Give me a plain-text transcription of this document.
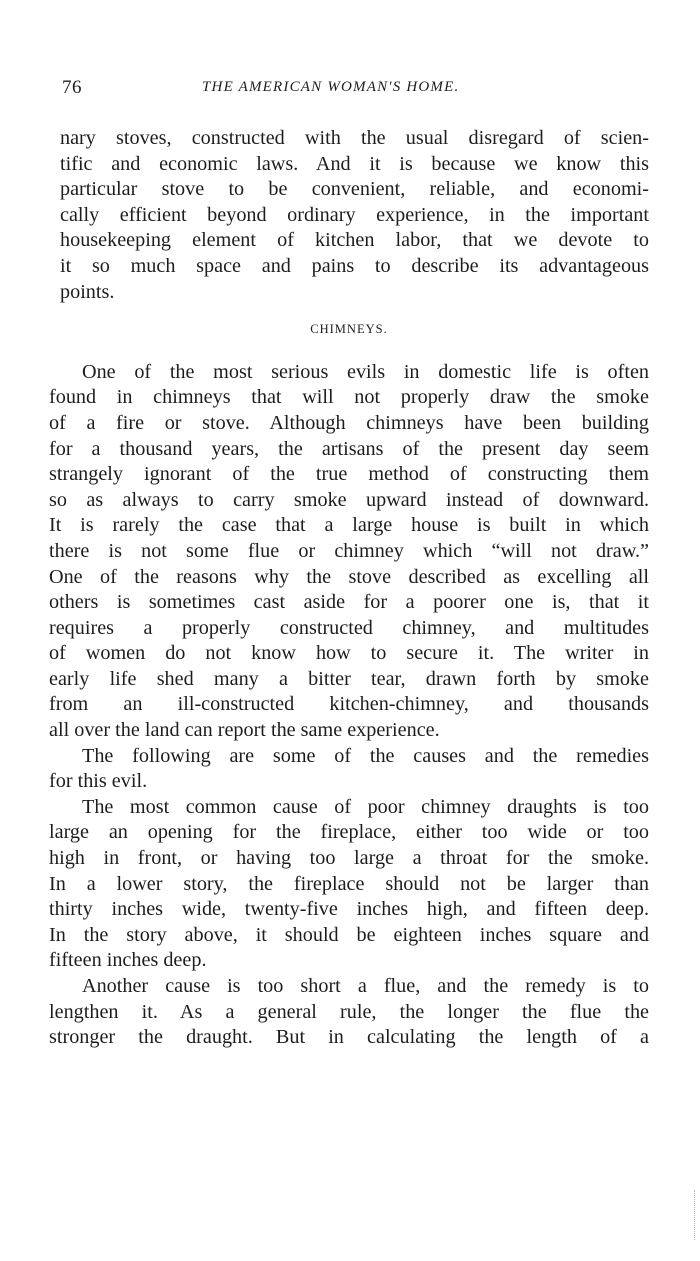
76	THE AMERICAN WOMAN'S HOME.

nary stoves, constructed with the usual disregard of scien-

tific and economic laws. And it is because we know this

particular stove to be convenient, reliable, and economi-

cally efficient beyond ordinary experience, in the important

housekeeping element of kitchen labor, that we devote to

it so much space and pains to describe its advantageous

points.

CHIMNEYS.

One of the most serious evils in domestic life is often

found in chimneys that will not properly draw the smoke

of a fire or stove. Although chimneys have been building

for a thousand years, the artisans of the present day seem

strangely ignorant of the true method of constructing them

so as always to carry smoke upward instead of downward.

It is rarely the case that a large house is built in which

there is not some flue or chimney which “will not draw.”

One of the reasons why the stove described as excelling all

others is sometimes cast aside for a poorer one is, that it

requires a properly constructed chimney, and multitudes

of women do not know how to secure it. The writer in

early life shed many a bitter tear, drawn forth by smoke

from an ill-constructed kitchen-chimney, and thousands

all over the land can report the same experience.

The following are some of the causes and the remedies

for this evil.

The most common cause of poor chimney draughts is too

large an opening for the fireplace, either too wide or too

high in front, or having too large a throat for the smoke.

In a lower story, the fireplace should not be larger than

thirty inches wide, twenty-five inches high, and fifteen deep.

In the story above, it should be eighteen inches square and

fifteen inches deep.

Another cause is too short a flue, and the remedy is to

lengthen it. As a general rule, the longer the flue the

stronger the draught. But in calculating the length of a
